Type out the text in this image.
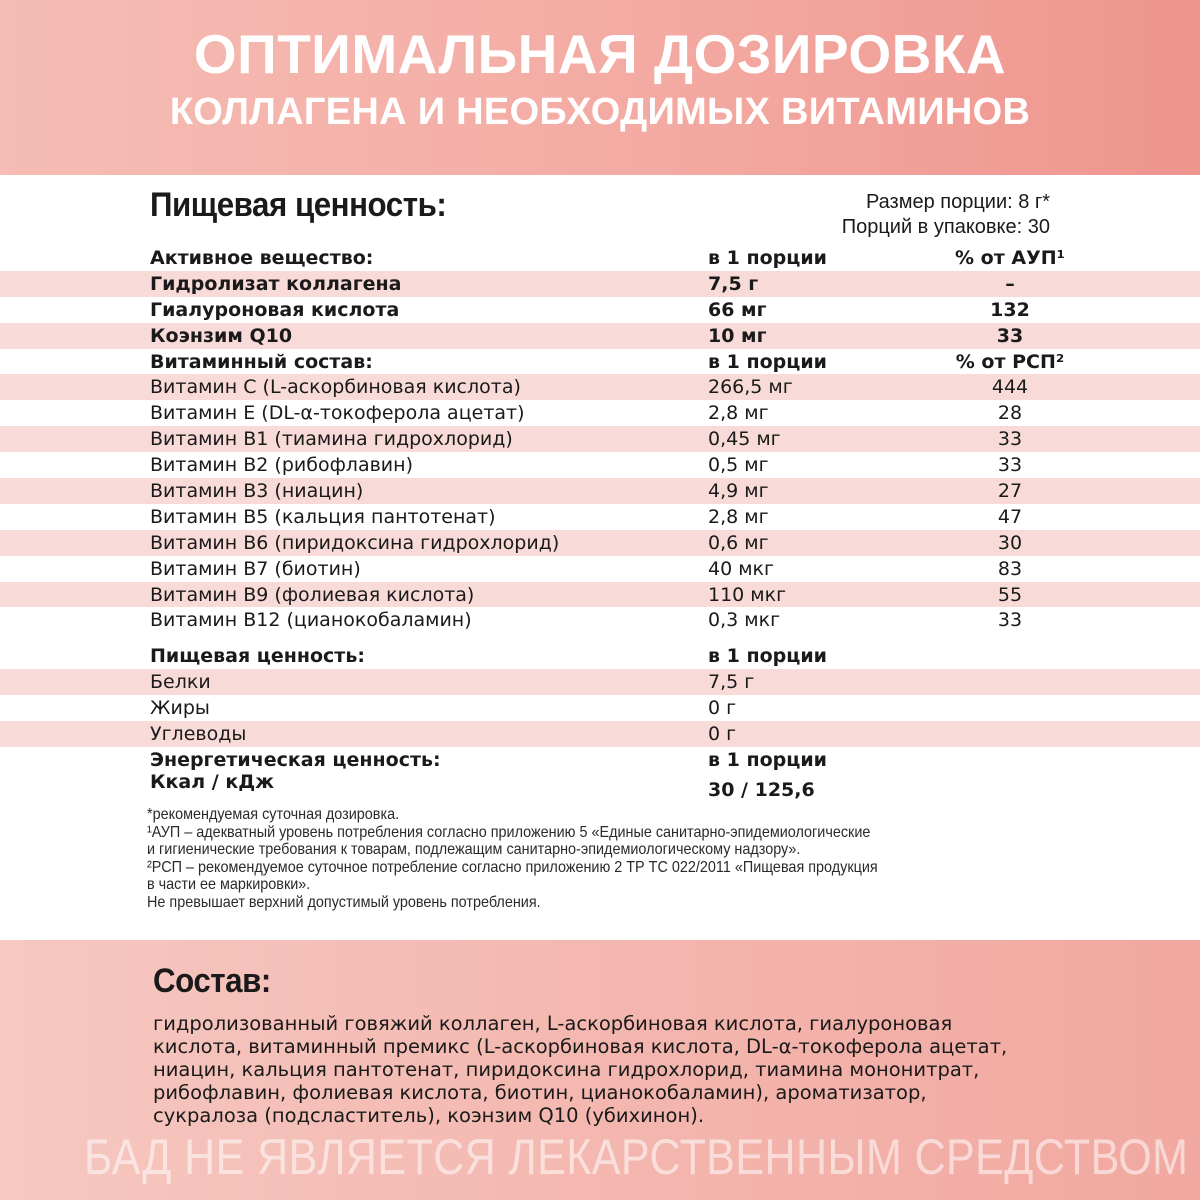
ОПТИМАЛЬНАЯ ДОЗИРОВКА
КОЛЛАГЕНА И НЕОБХОДИМЫХ ВИТАМИНОВ
Пищевая ценность:	Размер порции: 8 г*
Порций в упаковке: 30
Активное вещество:	в 1 порции	% от АУП¹
Гидролизат коллагена	7,5 г	–
Гиалуроновая кислота	66 мг	132
Коэнзим Q10	10 мг	33
Витаминный состав:	в 1 порции	% от РСП²
Витамин С (L-аскорбиновая кислота)	266,5 мг	444
Витамин Е (DL-α-токоферола ацетат)	2,8 мг	28
Витамин В1 (тиамина гидрохлорид)	0,45 мг	33
Витамин В2 (рибофлавин)	0,5 мг	33
Витамин В3 (ниацин)	4,9 мг	27
Витамин В5 (кальция пантотенат)	2,8 мг	47
Витамин В6 (пиридоксина гидрохлорид)	0,6 мг	30
Витамин В7 (биотин)	40 мкг	83
Витамин В9 (фолиевая кислота)	110 мкг	55
Витамин В12 (цианокобаламин)	0,3 мкг	33
Пищевая ценность:	в 1 порции
Белки	7,5 г
Жиры	0 г
Углеводы	0 г
Энергетическая ценность:	в 1 порции
Ккал / кДж	30 / 125,6
*рекомендуемая суточная дозировка.
¹АУП – адекватный уровень потребления согласно приложению 5 «Единые санитарно-эпидемиологические
и гигиенические требования к товарам, подлежащим санитарно-эпидемиологическому надзору».
²РСП – рекомендуемое суточное потребление согласно приложению 2 ТР ТС 022/2011 «Пищевая продукция
в части ее маркировки».
Не превышает верхний допустимый уровень потребления.
Состав:
гидролизованный говяжий коллаген, L-аскорбиновая кислота, гиалуроновая
кислота, витаминный премикс (L-аскорбиновая кислота, DL-α-токоферола ацетат,
ниацин, кальция пантотенат, пиридоксина гидрохлорид, тиамина мононитрат,
рибофлавин, фолиевая кислота, биотин, цианокобаламин), ароматизатор,
сукралоза (подсластитель), коэнзим Q10 (убихинон).
БАД НЕ ЯВЛЯЕТСЯ ЛЕКАРСТВЕННЫМ СРЕДСТВОМ
